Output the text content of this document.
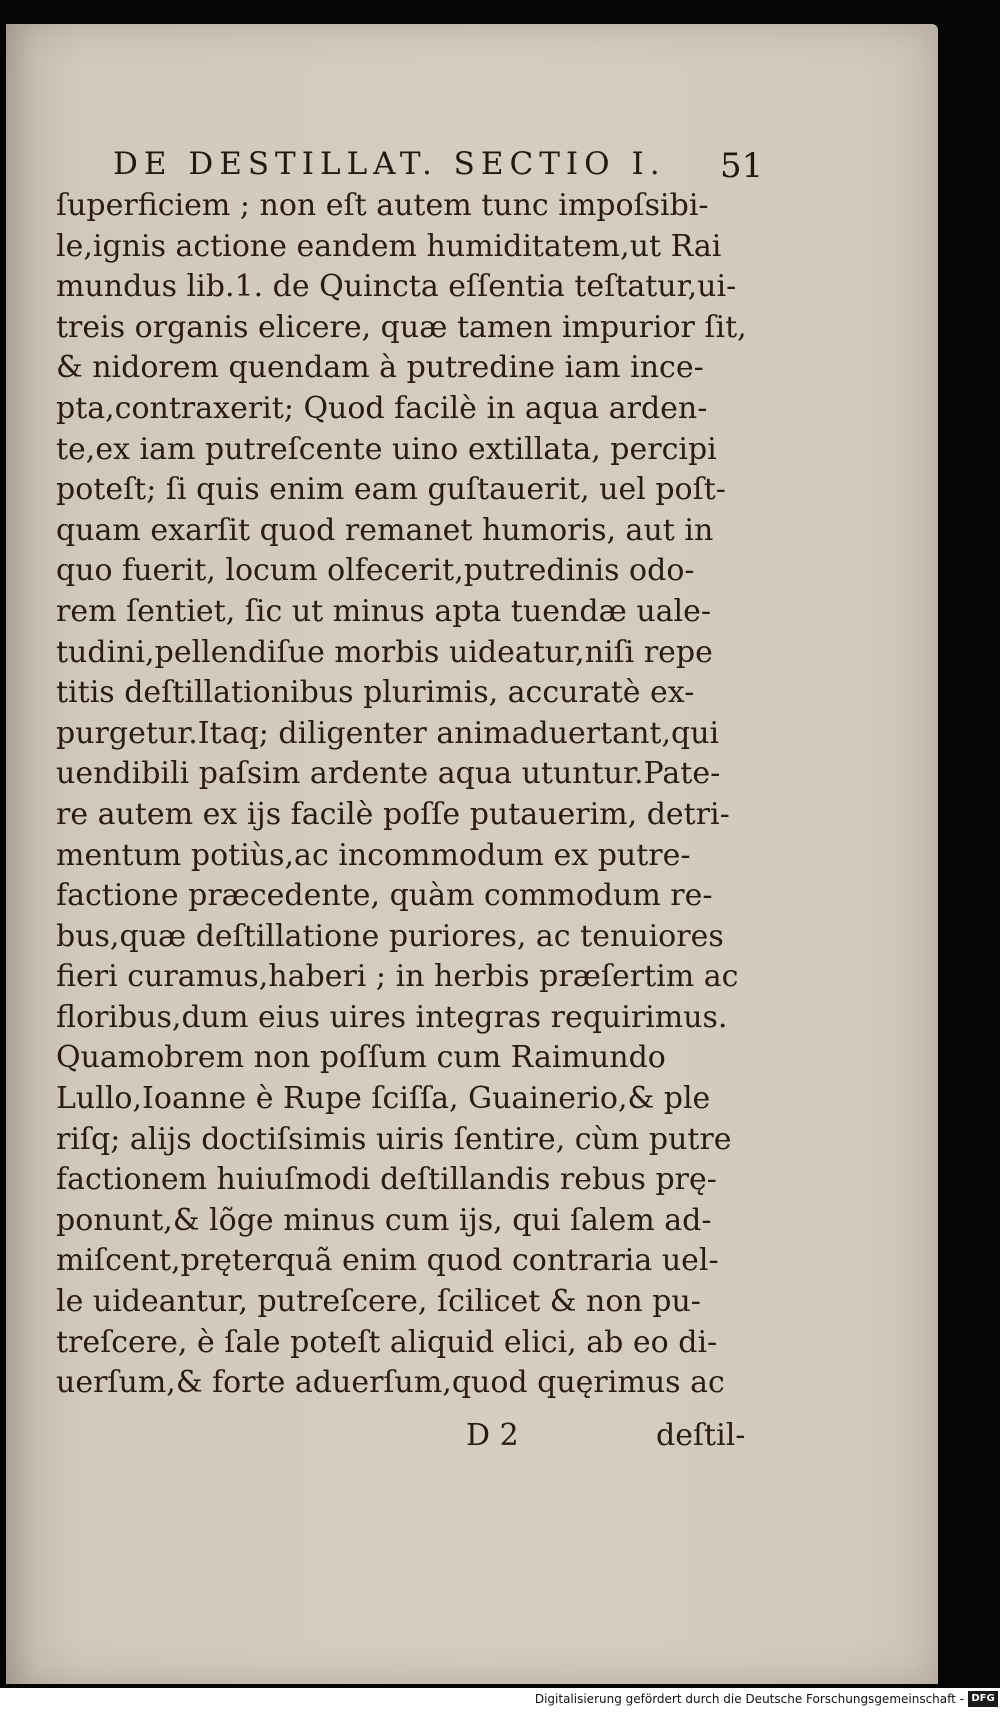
DE DESTILLAT. SECTIO I.	51
ſuperficiem ; non eſt autem tunc impoſsibi-
le,ignis actione eandem humiditatem,ut Rai
mundus lib.1. de Quincta eſſentia teſtatur,ui-
treis organis elicere, quæ tamen impurior ſit,
& nidorem quendam à putredine iam ince-
pta,contraxerit; Quod facilè in aqua arden-
te,ex iam putreſcente uino extillata, percipi
poteſt; ſi quis enim eam guſtauerit, uel poſt-
quam exarſit quod remanet humoris, aut in
quo fuerit, locum olfecerit,putredinis odo-
rem ſentiet, ſic ut minus apta tuendæ uale-
tudini,pellendiſue morbis uideatur,niſi repe
titis deſtillationibus plurimis, accuratè ex-
purgetur.Itaq; diligenter animaduertant,qui
uendibili paſsim ardente aqua utuntur.Pate-
re autem ex ijs facilè poſſe putauerim, detri-
mentum potiùs,ac incommodum ex putre-
factione præcedente, quàm commodum re-
bus,quæ deſtillatione puriores, ac tenuiores
fieri curamus,haberi ; in herbis præſertim ac
floribus,dum eius uires integras requirimus.
Quamobrem non poſſum cum Raimundo
Lullo,Ioanne è Rupe ſciſſa, Guainerio,& ple
riſq; alijs doctiſsimis uiris ſentire, cùm putre
factionem huiuſmodi deſtillandis rebus prę-
ponunt,& lõge minus cum ijs, qui ſalem ad-
miſcent,pręterquã enim quod contraria uel-
le uideantur, putreſcere, ſcilicet & non pu-
treſcere, è ſale poteſt aliquid elici, ab eo di-
uerſum,& forte aduerſum,quod quęrimus ac
D 2	deſtil-
Digitalisierung gefördert durch die Deutsche Forschungsgemeinschaft - DFG
